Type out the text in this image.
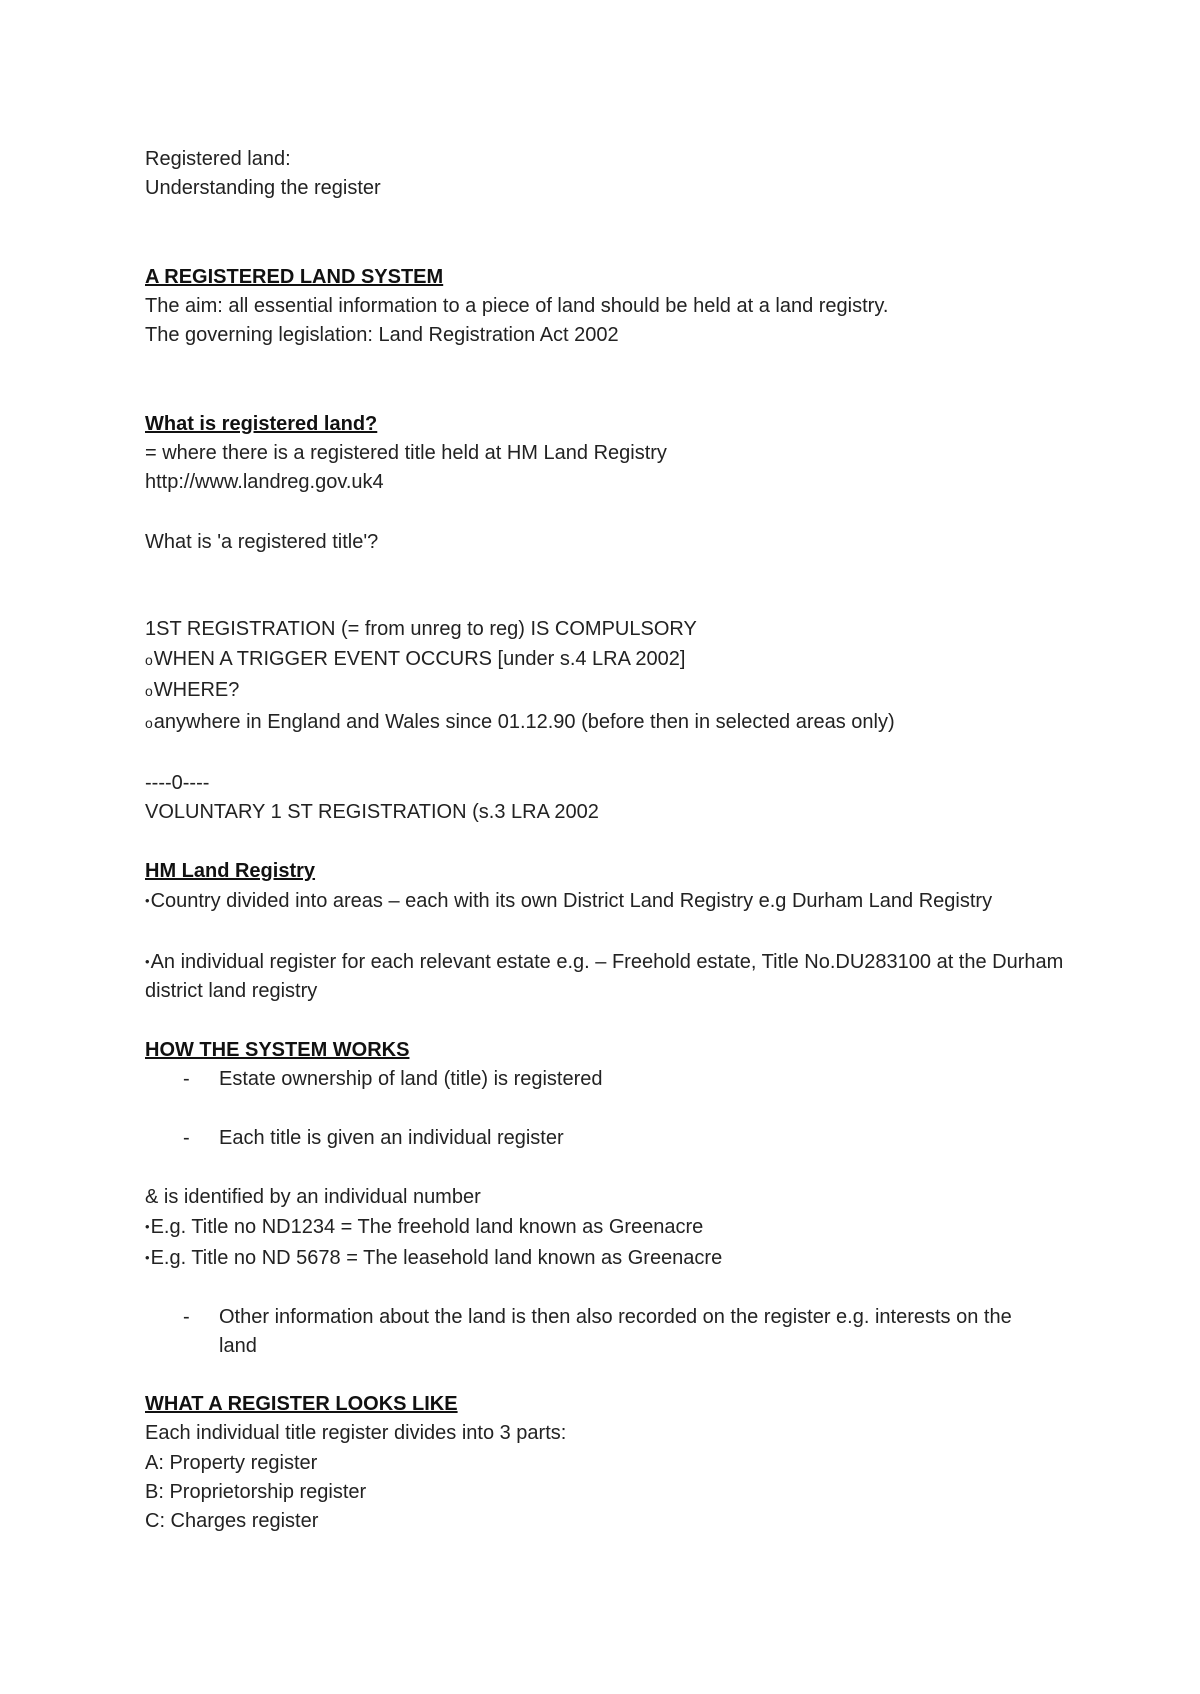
Registered land:
Understanding the register
A REGISTERED LAND SYSTEM
The aim: all essential information to a piece of land should be held at a land registry.
The governing legislation: Land Registration Act 2002
What is registered land?
= where there is a registered title held at HM Land Registry
http://www.landreg.gov.uk4
What is 'a registered title'?
1ST REGISTRATION (= from unreg to reg) IS COMPULSORY
oWHEN A TRIGGER EVENT OCCURS [under s.4 LRA 2002]
oWHERE?
oanywhere in England and Wales since 01.12.90 (before then in selected areas only)
----0----
VOLUNTARY 1 ST REGISTRATION (s.3 LRA 2002
HM Land Registry
•Country divided into areas – each with its own District Land Registry e.g Durham Land Registry
•An individual register for each relevant estate e.g. – Freehold estate, Title No.DU283100 at the Durham district land registry
HOW THE SYSTEM WORKS
- Estate ownership of land (title) is registered
- Each title is given an individual register
& is identified by an individual number
•E.g. Title no ND1234 = The freehold land known as Greenacre
•E.g. Title no ND 5678 = The leasehold land known as Greenacre
- Other information about the land is then also recorded on the register e.g. interests on the land
WHAT A REGISTER LOOKS LIKE
Each individual title register divides into 3 parts:
A: Property register
B: Proprietorship register
C: Charges register
